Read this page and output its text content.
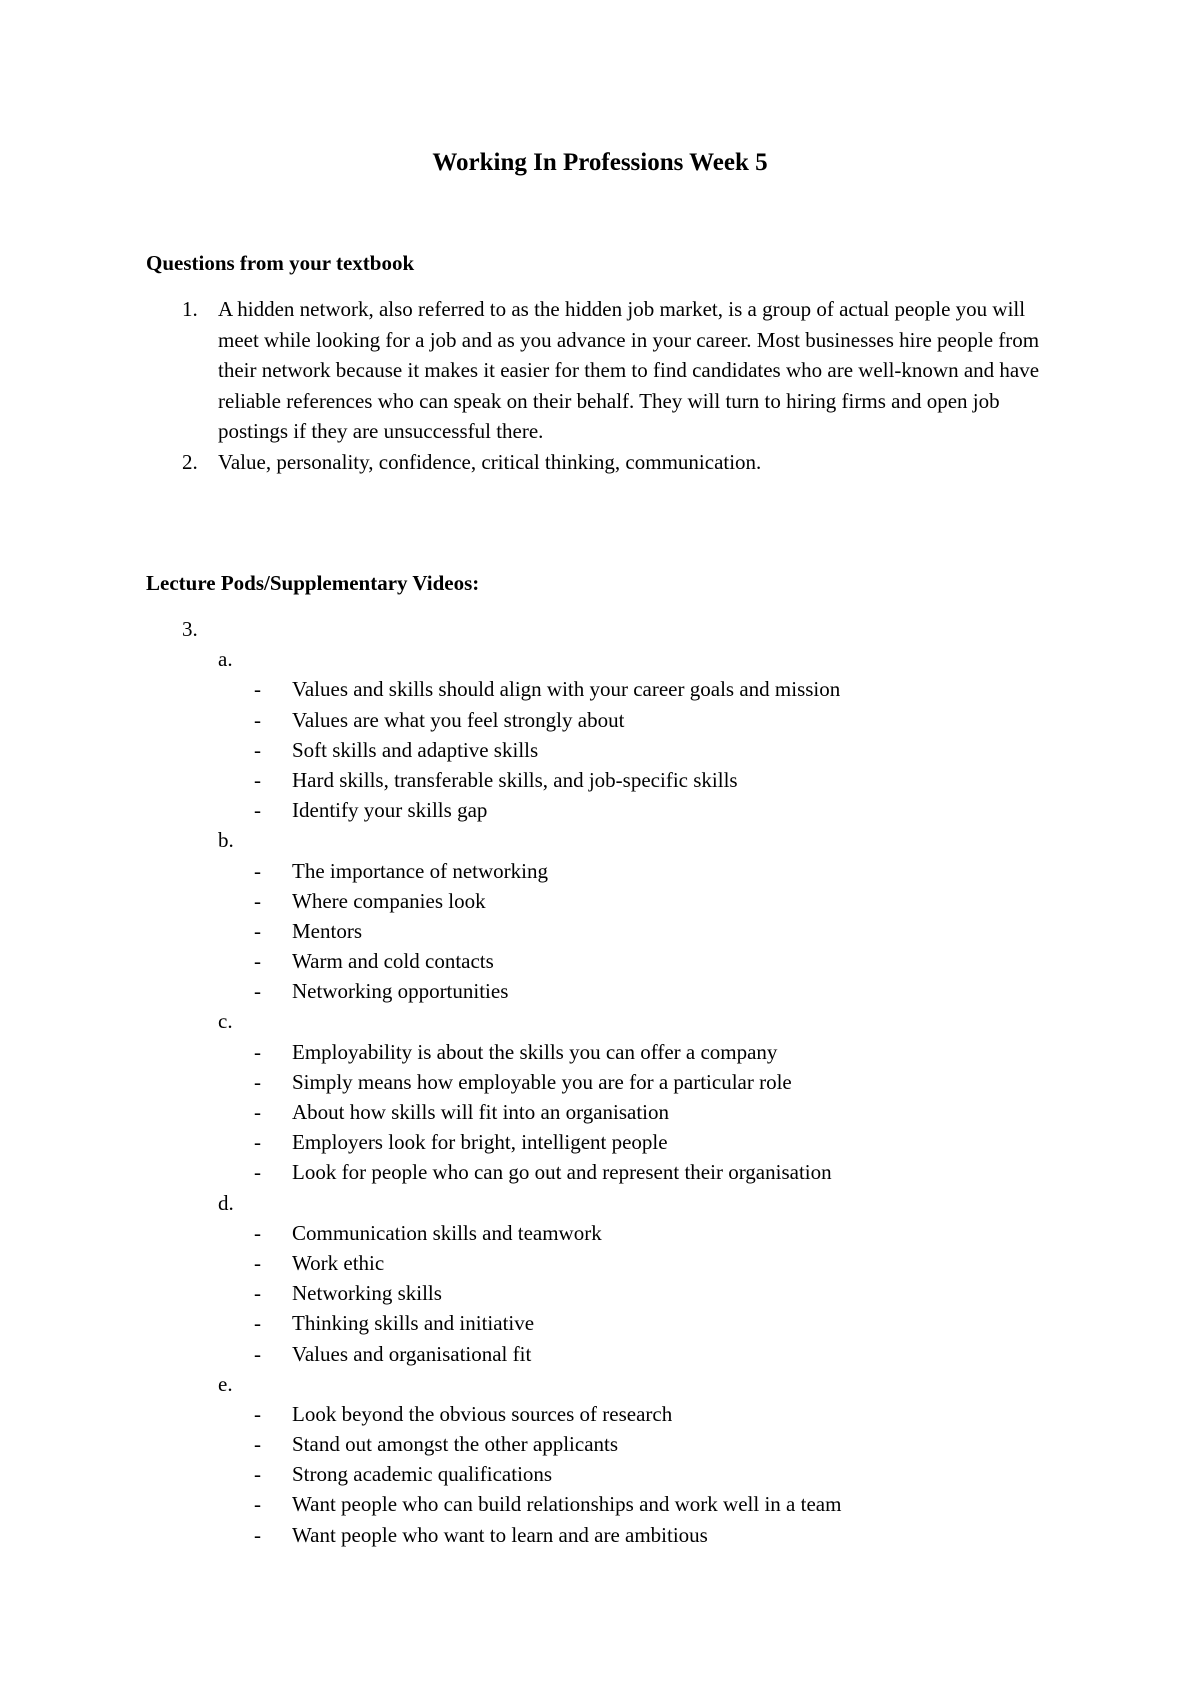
Working In Professions Week 5
Questions from your textbook
1. A hidden network, also referred to as the hidden job market, is a group of actual people you will meet while looking for a job and as you advance in your career. Most businesses hire people from their network because it makes it easier for them to find candidates who are well-known and have reliable references who can speak on their behalf. They will turn to hiring firms and open job postings if they are unsuccessful there.
2. Value, personality, confidence, critical thinking, communication.
Lecture Pods/Supplementary Videos:
3.
a.
- Values and skills should align with your career goals and mission
- Values are what you feel strongly about
- Soft skills and adaptive skills
- Hard skills, transferable skills, and job-specific skills
- Identify your skills gap
b.
- The importance of networking
- Where companies look
- Mentors
- Warm and cold contacts
- Networking opportunities
c.
- Employability is about the skills you can offer a company
- Simply means how employable you are for a particular role
- About how skills will fit into an organisation
- Employers look for bright, intelligent people
- Look for people who can go out and represent their organisation
d.
- Communication skills and teamwork
- Work ethic
- Networking skills
- Thinking skills and initiative
- Values and organisational fit
e.
- Look beyond the obvious sources of research
- Stand out amongst the other applicants
- Strong academic qualifications
- Want people who can build relationships and work well in a team
- Want people who want to learn and are ambitious
